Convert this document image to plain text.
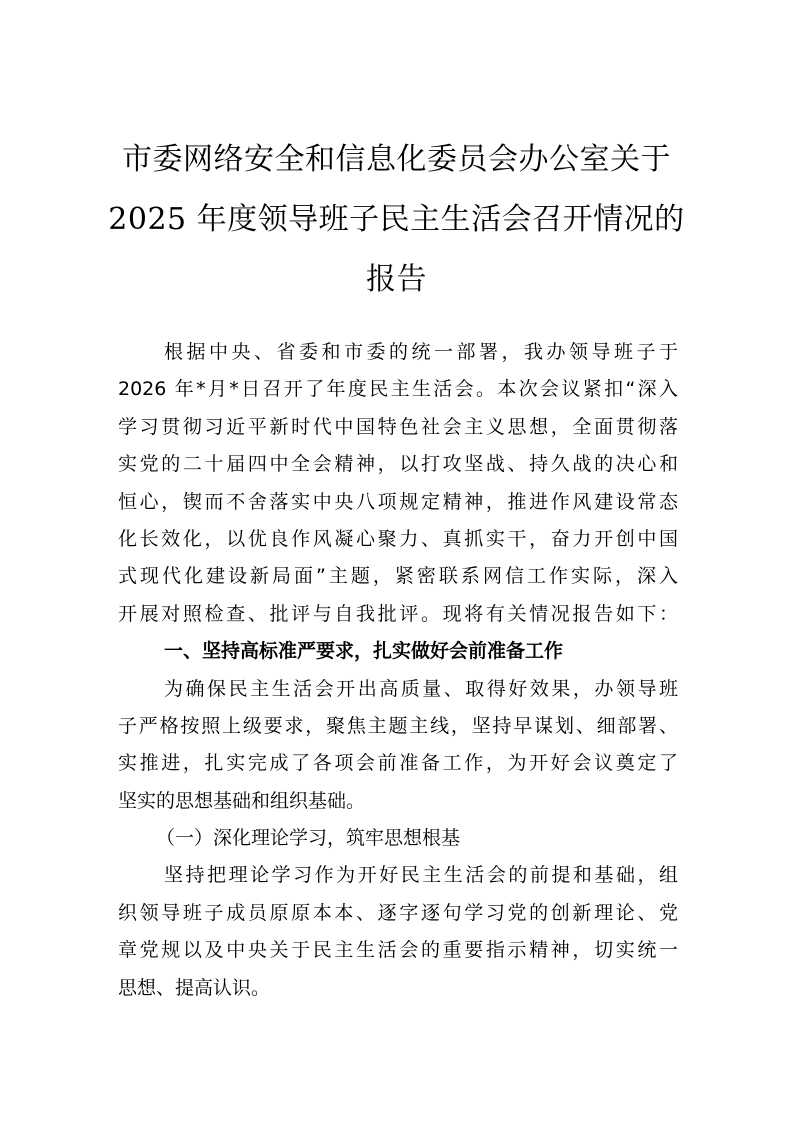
市委网络安全和信息化委员会办公室关于
2025 年度领导班子民主生活会召开情况的
报告
根据中央、省委和市委的统一部署，我办领导班子于
2026 年*月*日召开了年度民主生活会。本次会议紧扣“深入
学习贯彻习近平新时代中国特色社会主义思想，全面贯彻落
实党的二十届四中全会精神，以打攻坚战、持久战的决心和
恒心，锲而不舍落实中央八项规定精神，推进作风建设常态
化长效化，以优良作风凝心聚力、真抓实干，奋力开创中国
式现代化建设新局面”主题，紧密联系网信工作实际，深入
开展对照检查、批评与自我批评。现将有关情况报告如下：
一、坚持高标准严要求，扎实做好会前准备工作
为确保民主生活会开出高质量、取得好效果，办领导班
子严格按照上级要求，聚焦主题主线，坚持早谋划、细部署、
实推进，扎实完成了各项会前准备工作，为开好会议奠定了
坚实的思想基础和组织基础。
（一）深化理论学习，筑牢思想根基
坚持把理论学习作为开好民主生活会的前提和基础，组
织领导班子成员原原本本、逐字逐句学习党的创新理论、党
章党规以及中央关于民主生活会的重要指示精神，切实统一
思想、提高认识。
